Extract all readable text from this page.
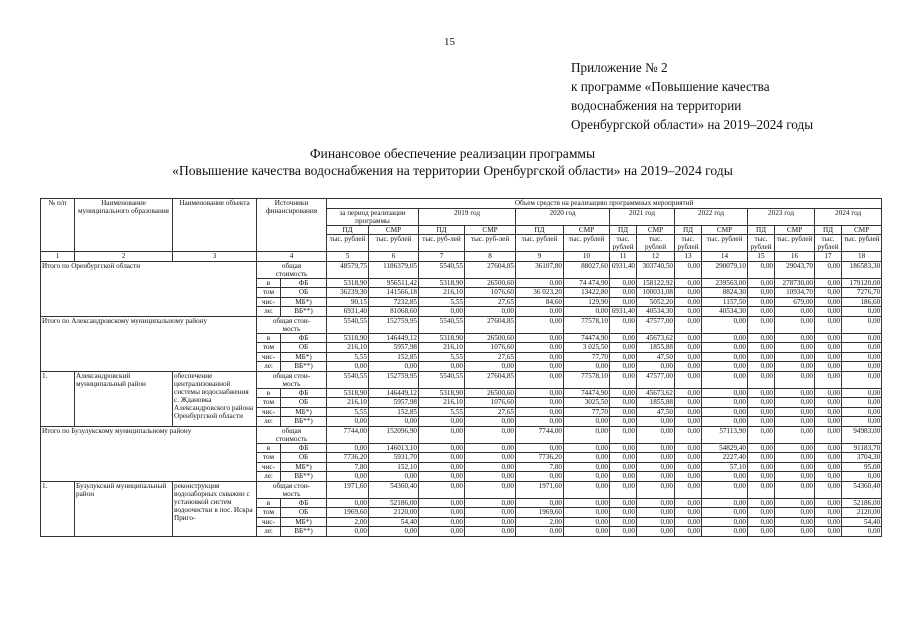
15
Приложение № 2
к программе «Повышение качества
водоснабжения на территории
Оренбургской области» на 2019–2024 годы
Финансовое обеспечение реализации программы
«Повышение качества водоснабжения на территории Оренбургской области» на 2019–2024 годы
№ п/п	Наименование муниципального образования	Наименование объекта	Источники финансирования		Объем средств на реализацию программных мероприятий													
					за период реализации программы		2019 год		2020 год		2021 год		2022 год		2023 год		2024 год	
					ПД	СМР	ПД	СМР	ПД	СМР	ПД	СМР	ПД	СМР	ПД	СМР	ПД	СМР
					тыс. рублей	тыс. рублей	тыс. руб-лей	тыс. руб-лей	тыс. рублей	тыс. рублей	тыс. рублей	тыс. рублей	тыс. рублей	тыс. рублей	тыс. рублей	тыс. рублей	тыс. рублей	тыс. рублей
1	2	3	4		5	6	7	8	9	10	11	12	13	14	15	16	17	18
Итого по Оренбургской области			общая
стоимость		48579,75	1186379,05	5540,55	27604,85	36107,80	88027,60	6931,40	303740,50	0,00	290079,10	0,00	29043,70	0,00	186583,30
			в	ФБ	5318,90	956511,42	5318,90	26500,60	0,00	74 474,90	0,00	158122,92	0,00	239563,00	0,00	278730,00	0,00	179120,00
			том	ОБ	36239,30	141566,18	216,10	1076,60	36 023,20	13422,80	0,00	100031,08	0,00	8824,30	0,00	10934,70	0,00	7276,70
			чис-	МБ*)	90,15	7232,85	5,55	27,65	84,60	129,90	0,00	5052,20	0,00	1157,50	0,00	679,00	0,00	186,60
			ле:	ВБ**)	6931,40	81068,60	0,00	0,00	0,00	0,00	6931,40	40534,30	0,00	40534,30	0,00	0,00	0,00	0,00
Итого по Александровскому муниципальному району			общая стои-
мость		5540,55	152759,95	5540,55	27604,85	0,00	77578,10	0,00	47577,00	0,00	0,00	0,00	0,00	0,00	0,00
			в	ФБ	5318,90	146449,12	5318,90	26500,60	0,00	74474,90	0,00	45673,62	0,00	0,00	0,00	0,00	0,00	0,00
			том	ОБ	216,10	5957,98	216,10	1076,60	0,00	3 025,50	0,00	1855,88	0,00	0,00	0,00	0,00	0,00	0,00
			чис-	МБ*)	5,55	152,85	5,55	27,65	0,00	77,70	0,00	47,50	0,00	0,00	0,00	0,00	0,00	0,00
			ле:	ВБ**)	0,00	0,00	0,00	0,00	0,00	0,00	0,00	0,00	0,00	0,00	0,00	0,00	0,00	0,00
1.	Александровский муниципальный район	обеспечение централизованной системы водоснабжения с. Ждановка Александровского района Оренбургской области	общая стои-
мость		5540,55	152759,95	5540,55	27604,85	0,00	77578,10	0,00	47577,00	0,00	0,00	0,00	0,00	0,00	0,00
			в	ФБ	5318,90	146449,12	5318,90	26500,60	0,00	74474,90	0,00	45673,62	0,00	0,00	0,00	0,00	0,00	0,00
			том	ОБ	216,10	5957,98	216,10	1076,60	0,00	3025,50	0,00	1855,88	0,00	0,00	0,00	0,00	0,00	0,00
			чис-	МБ*)	5,55	152,85	5,55	27,65	0,00	77,70	0,00	47,50	0,00	0,00	0,00	0,00	0,00	0,00
			ле:	ВБ**)	0,00	0,00	0,00	0,00	0,00	0,00	0,00	0,00	0,00	0,00	0,00	0,00	0,00	0,00
Итого по Бузулукскому муниципальному району			общая
стоимость		7744,00	152096,90	0,00	0,00	7744,00	0,00	0,00	0,00	0,00	57113,90	0,00	0,00	0,00	94983,00
			в	ФБ	0,00	146013,10	0,00	0,00	0,00	0,00	0,00	0,00	0,00	54829,40	0,00	0,00	0,00	91183,70
			том	ОБ	7736,20	5931,70	0,00	0,00	7736,20	0,00	0,00	0,00	0,00	2227,40	0,00	0,00	0,00	3704,30
			чис-	МБ*)	7,80	152,10	0,00	0,00	7,80	0,00	0,00	0,00	0,00	57,10	0,00	0,00	0,00	95,00
			ле:	ВБ**)	0,00	0,00	0,00	0,00	0,00	0,00	0,00	0,00	0,00	0,00	0,00	0,00	0,00	0,00
1.	Бузулукский муниципальный район	реконструкция водозаборных скважин с установкой систем водоочистки в пос. Искра Приго-	общая стои-
мость		1971,60	54360,40	0,00	0,00	1971,60	0,00	0,00	0,00	0,00	0,00	0,00	0,00	0,00	54360,40
			в	ФБ	0,00	52186,00	0,00	0,00	0,00	0,00	0,00	0,00	0,00	0,00	0,00	0,00	0,00	52186,00
			том	ОБ	1969,60	2120,00	0,00	0,00	1969,60	0,00	0,00	0,00	0,00	0,00	0,00	0,00	0,00	2120,00
			чис-	МБ*)	2,00	54,40	0,00	0,00	2,00	0,00	0,00	0,00	0,00	0,00	0,00	0,00	0,00	54,40
			ле:	ВБ**)	0,00	0,00	0,00	0,00	0,00	0,00	0,00	0,00	0,00	0,00	0,00	0,00	0,00	0,00
